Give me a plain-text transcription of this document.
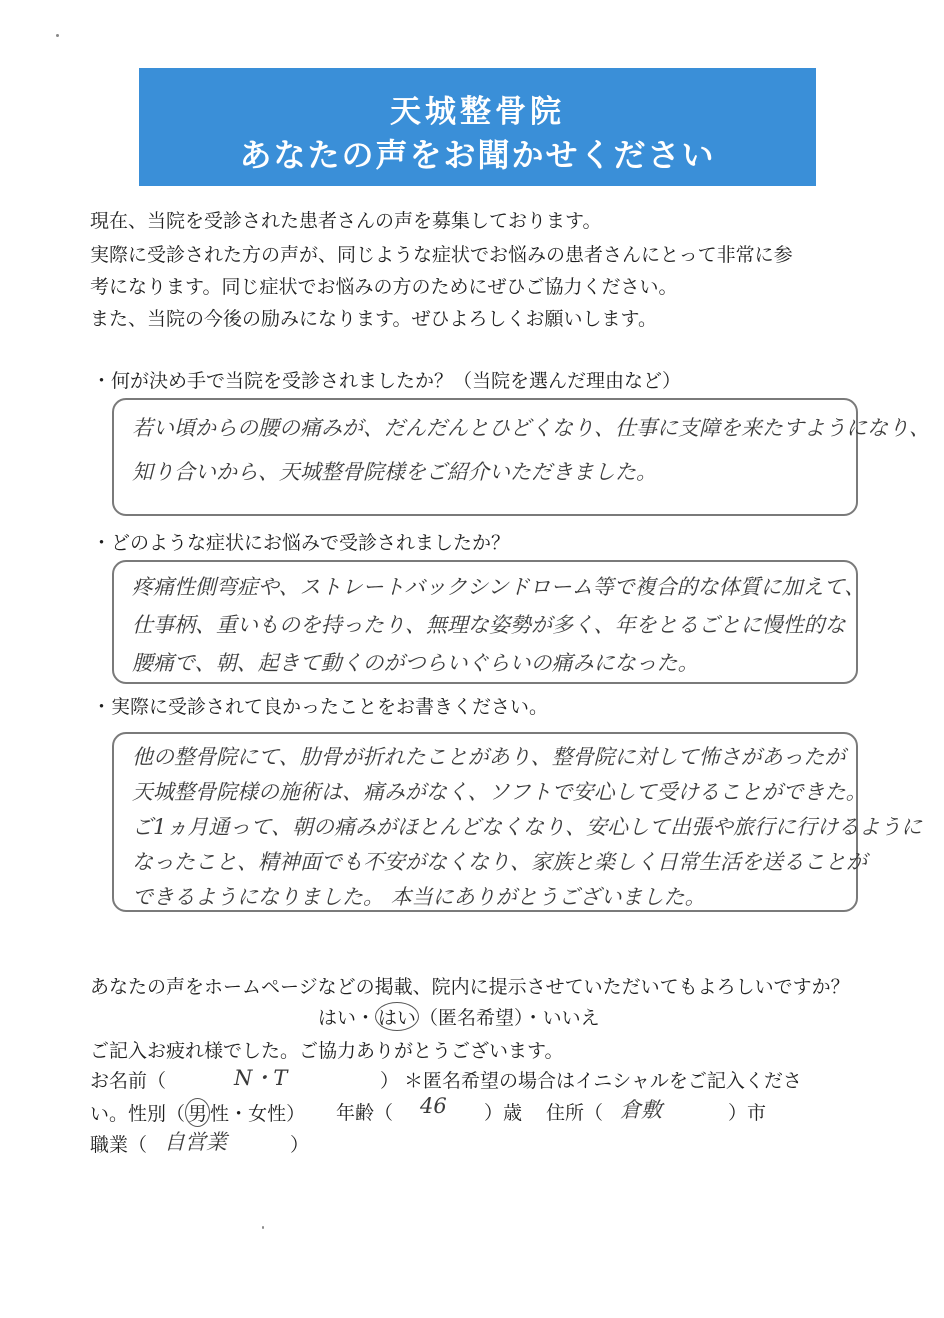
天城整骨院
あなたの声をお聞かせください
現在、当院を受診された患者さんの声を募集しております。
実際に受診された方の声が、同じような症状でお悩みの患者さんにとって非常に参
考になります。同じ症状でお悩みの方のためにぜひご協力ください。
また、当院の今後の励みになります。ぜひよろしくお願いします。
・何が決め手で当院を受診されましたか？（当院を選んだ理由など）
若い頃からの腰の痛みが、だんだんとひどくなり、仕事に支障を来たすようになり、
知り合いから、天城整骨院様をご紹介いただきました。
・どのような症状にお悩みで受診されましたか？
疼痛性側弯症や、ストレートバックシンドローム等で複合的な体質に加えて、
仕事柄、重いものを持ったり、無理な姿勢が多く、年をとるごとに慢性的な
腰痛で、朝、起きて動くのがつらいぐらいの痛みになった。
・実際に受診されて良かったことをお書きください。
他の整骨院にて、肋骨が折れたことがあり、整骨院に対して怖さがあったが
天城整骨院様の施術は、痛みがなく、ソフトで安心して受けることができた。
ご1ヵ月通って、朝の痛みがほとんどなくなり、安心して出張や旅行に行けるように
なったこと、精神面でも不安がなくなり、家族と楽しく日常生活を送ることが
できるようになりました。 本当にありがとうございました。
あなたの声をホームページなどの掲載、院内に提示させていただいてもよろしいですか？
はい・ はい （匿名希望）・いいえ
ご記入お疲れ様でした。ご協力ありがとうございます。
お名前（	N・T	） ＊匿名希望の場合はイニシャルをご記入くださ
い。性別（ 男 性・女性） 年齢（ 46 ）歳 住所（ 倉敷	）市
職業（ 自営業	）
